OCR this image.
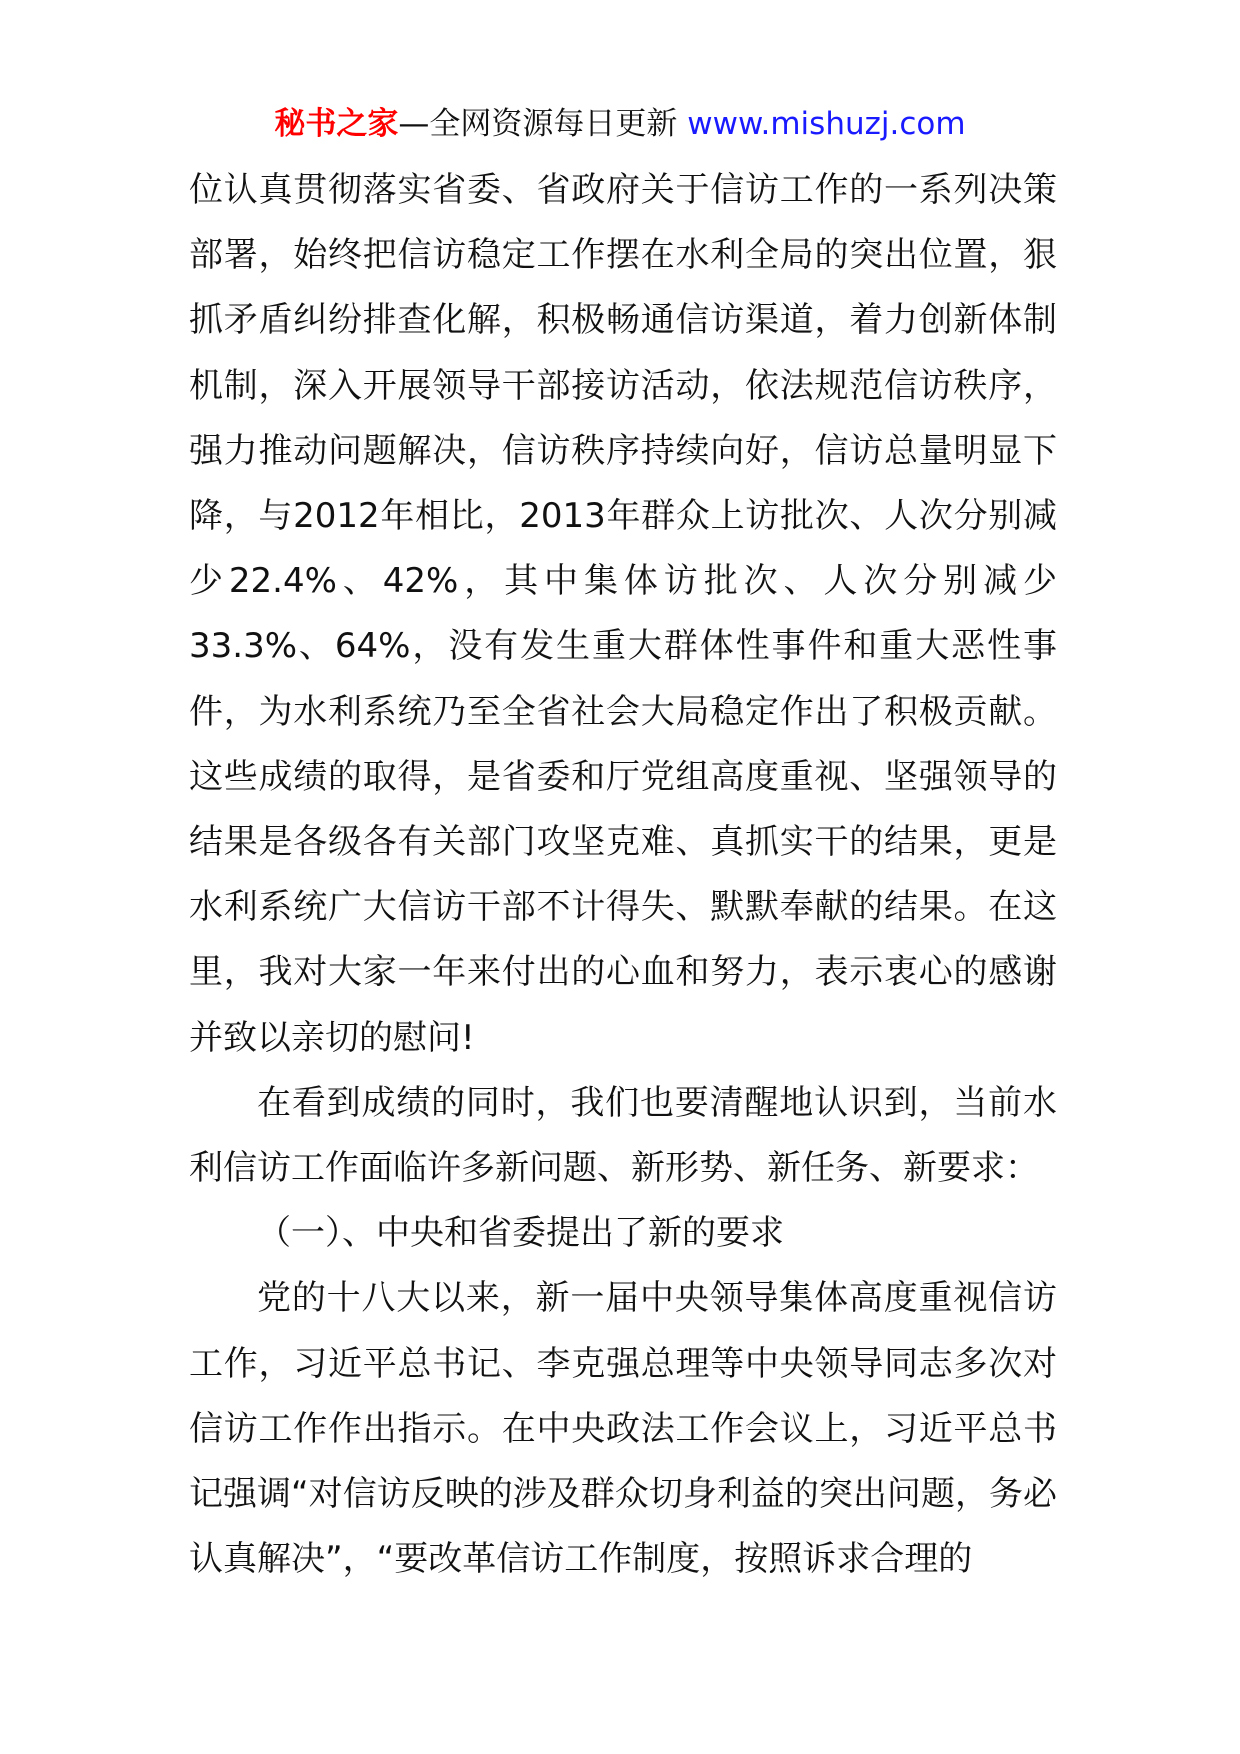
秘书之家—全网资源每日更新 www.mishuzj.com

位认真贯彻落实省委、省政府关于信访工作的一系列决策部署，始终把信访稳定工作摆在水利全局的突出位置，狠抓矛盾纠纷排查化解，积极畅通信访渠道，着力创新体制机制，深入开展领导干部接访活动，依法规范信访秩序，强力推动问题解决，信访秩序持续向好，信访总量明显下降，与2012年相比，2013年群众上访批次、人次分别减少22.4%、42%，其中集体访批次、人次分别减少33.3%、64%，没有发生重大群体性事件和重大恶性事件，为水利系统乃至全省社会大局稳定作出了积极贡献。这些成绩的取得，是省委和厅党组高度重视、坚强领导的结果是各级各有关部门攻坚克难、真抓实干的结果，更是水利系统广大信访干部不计得失、默默奉献的结果。在这里，我对大家一年来付出的心血和努力，表示衷心的感谢并致以亲切的慰问!

在看到成绩的同时，我们也要清醒地认识到，当前水利信访工作面临许多新问题、新形势、新任务、新要求：

（一）、中央和省委提出了新的要求

党的十八大以来，新一届中央领导集体高度重视信访工作，习近平总书记、李克强总理等中央领导同志多次对信访工作作出指示。在中央政法工作会议上，习近平总书记强调“对信访反映的涉及群众切身利益的突出问题，务必认真解决”，“要改革信访工作制度，按照诉求合理的
